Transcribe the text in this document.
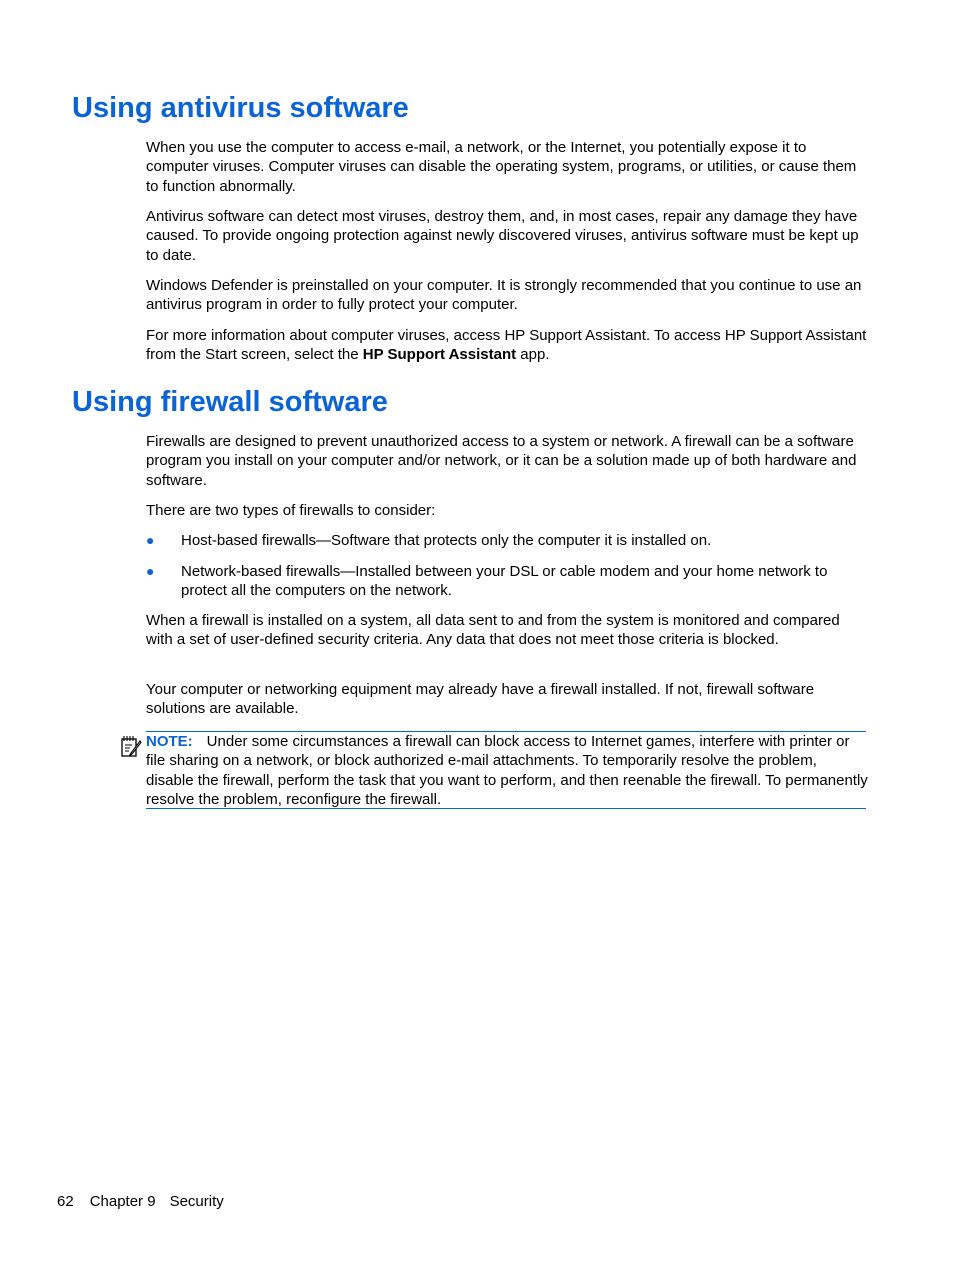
Using antivirus software

When you use the computer to access e-mail, a network, or the Internet, you potentially expose it to computer viruses. Computer viruses can disable the operating system, programs, or utilities, or cause them to function abnormally.

Antivirus software can detect most viruses, destroy them, and, in most cases, repair any damage they have caused. To provide ongoing protection against newly discovered viruses, antivirus software must be kept up to date.

Windows Defender is preinstalled on your computer. It is strongly recommended that you continue to use an antivirus program in order to fully protect your computer.

For more information about computer viruses, access HP Support Assistant. To access HP Support Assistant from the Start screen, select the HP Support Assistant app.

Using firewall software

Firewalls are designed to prevent unauthorized access to a system or network. A firewall can be a software program you install on your computer and/or network, or it can be a solution made up of both hardware and software.

There are two types of firewalls to consider:

● Host-based firewalls—Software that protects only the computer it is installed on.
● Network-based firewalls—Installed between your DSL or cable modem and your home network to protect all the computers on the network.

When a firewall is installed on a system, all data sent to and from the system is monitored and compared with a set of user-defined security criteria. Any data that does not meet those criteria is blocked.

Your computer or networking equipment may already have a firewall installed. If not, firewall software solutions are available.

NOTE: Under some circumstances a firewall can block access to Internet games, interfere with printer or file sharing on a network, or block authorized e-mail attachments. To temporarily resolve the problem, disable the firewall, perform the task that you want to perform, and then reenable the firewall. To permanently resolve the problem, reconfigure the firewall.

62 Chapter 9 Security
